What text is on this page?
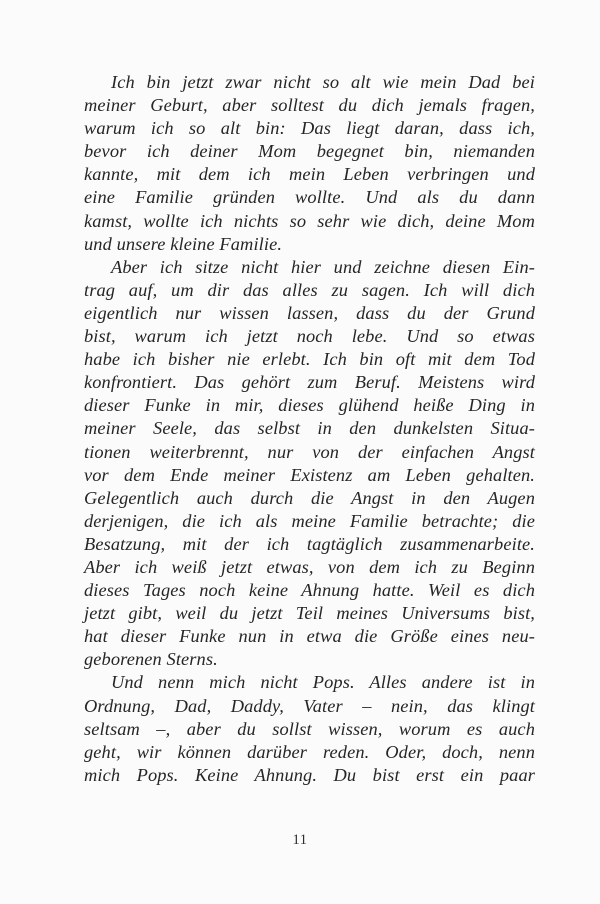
Ich bin jetzt zwar nicht so alt wie mein Dad bei
meiner Geburt, aber solltest du dich jemals fragen,
warum ich so alt bin: Das liegt daran, dass ich,
bevor ich deiner Mom begegnet bin, niemanden
kannte, mit dem ich mein Leben verbringen und
eine Familie gründen wollte. Und als du dann
kamst, wollte ich nichts so sehr wie dich, deine Mom
und unsere kleine Familie.
Aber ich sitze nicht hier und zeichne diesen Ein-
trag auf, um dir das alles zu sagen. Ich will dich
eigentlich nur wissen lassen, dass du der Grund
bist, warum ich jetzt noch lebe. Und so etwas
habe ich bisher nie erlebt. Ich bin oft mit dem Tod
konfrontiert. Das gehört zum Beruf. Meistens wird
dieser Funke in mir, dieses glühend heiße Ding in
meiner Seele, das selbst in den dunkelsten Situa-
tionen weiterbrennt, nur von der einfachen Angst
vor dem Ende meiner Existenz am Leben gehalten.
Gelegentlich auch durch die Angst in den Augen
derjenigen, die ich als meine Familie betrachte; die
Besatzung, mit der ich tagtäglich zusammenarbeite.
Aber ich weiß jetzt etwas, von dem ich zu Beginn
dieses Tages noch keine Ahnung hatte. Weil es dich
jetzt gibt, weil du jetzt Teil meines Universums bist,
hat dieser Funke nun in etwa die Größe eines neu-
geborenen Sterns.
Und nenn mich nicht Pops. Alles andere ist in
Ordnung, Dad, Daddy, Vater – nein, das klingt
seltsam –, aber du sollst wissen, worum es auch
geht, wir können darüber reden. Oder, doch, nenn
mich Pops. Keine Ahnung. Du bist erst ein paar
11
